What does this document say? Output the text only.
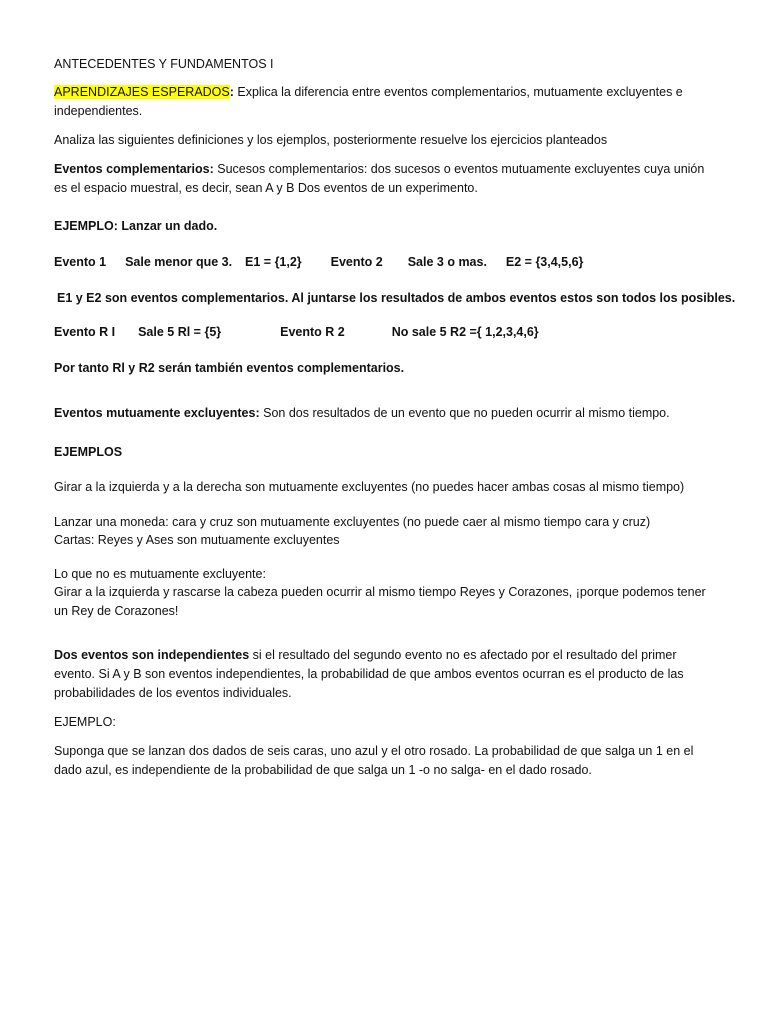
ANTECEDENTES Y FUNDAMENTOS I
APRENDIZAJES ESPERADOS: Explica la diferencia entre eventos complementarios, mutuamente excluyentes e independientes.
Analiza las siguientes definiciones y los ejemplos, posteriormente resuelve los ejercicios planteados
Eventos complementarios: Sucesos complementarios: dos sucesos o eventos mutuamente excluyentes cuya unión es el espacio muestral, es decir, sean A y B Dos eventos de un experimento.
EJEMPLO: Lanzar un dado.
Evento 1 Sale menor que 3. E1 = {1,2} Evento 2 Sale 3 o mas. E2 = {3,4,5,6}
E1 y E2 son eventos complementarios. Al juntarse los resultados de ambos eventos estos son todos los posibles.
Evento R I Sale 5 Rl = {5}	Evento R 2	No sale 5 R2 ={ 1,2,3,4,6}
Por tanto Rl y R2 serán también eventos complementarios.
Eventos mutuamente excluyentes: Son dos resultados de un evento que no pueden ocurrir al mismo tiempo.
EJEMPLOS
Girar a la izquierda y a la derecha son mutuamente excluyentes (no puedes hacer ambas cosas al mismo tiempo)
Lanzar una moneda: cara y cruz son mutuamente excluyentes (no puede caer al mismo tiempo cara y cruz)
Cartas: Reyes y Ases son mutuamente excluyentes
Lo que no es mutuamente excluyente:
Girar a la izquierda y rascarse la cabeza pueden ocurrir al mismo tiempo Reyes y Corazones, ¡porque podemos tener un Rey de Corazones!
Dos eventos son independientes si el resultado del segundo evento no es afectado por el resultado del primer evento. Si A y B son eventos independientes, la probabilidad de que ambos eventos ocurran es el producto de las probabilidades de los eventos individuales.
EJEMPLO:
Suponga que se lanzan dos dados de seis caras, uno azul y el otro rosado. La probabilidad de que salga un 1 en el dado azul, es independiente de la probabilidad de que salga un 1 -o no salga- en el dado rosado.
